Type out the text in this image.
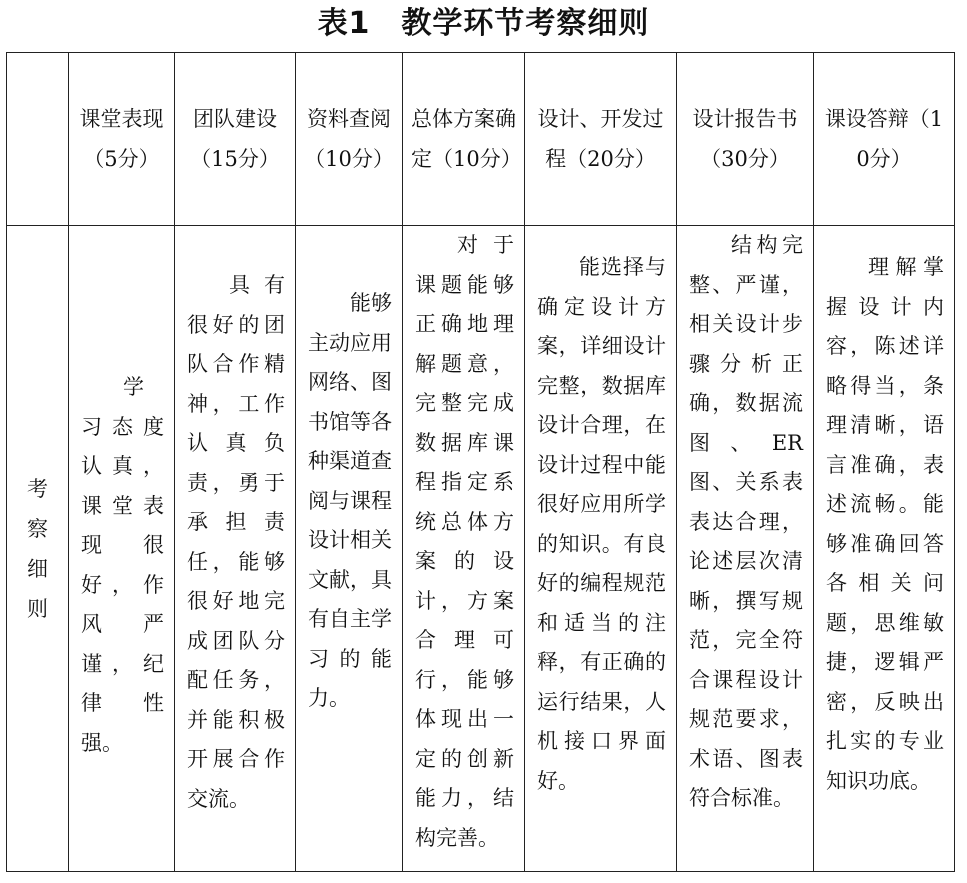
表1　教学环节考察细则

	课堂表现（5分）	团队建设（15分）	资料查阅（10分）	总体方案确定（10分）	设计、开发过程（20分）	设计报告书（30分）	课设答辩（10分）

考察细则	学习态度认真，课堂表现很好，作风严谨，纪律性强。	具有很好的团队合作精神，工作认真负责，勇于承担责任，能够很好地完成团队分配任务，并能积极开展合作交流。	能够主动应用网络、图书馆等各种渠道查阅与课程设计相关文献，具有自主学习的能力。	对于课题能够正确地理解题意，完整完成数据库课程指定系统总体方案的设计，方案合理可行，能够体现出一定的创新能力，结构完善。	能选择与确定设计方案，详细设计完整，数据库设计合理，在设计过程中能很好应用所学的知识。有良好的编程规范和适当的注释，有正确的运行结果，人机接口界面好。	结构完整、严谨，相关设计步骤分析正确，数据流图、ER图、关系表表达合理，论述层次清晰，撰写规范，完全符合课程设计规范要求，术语、图表符合标准。	理解掌握设计内容，陈述详略得当，条理清晰，语言准确，表述流畅。能够准确回答各相关问题，思维敏捷，逻辑严密，反映出扎实的专业知识功底。
